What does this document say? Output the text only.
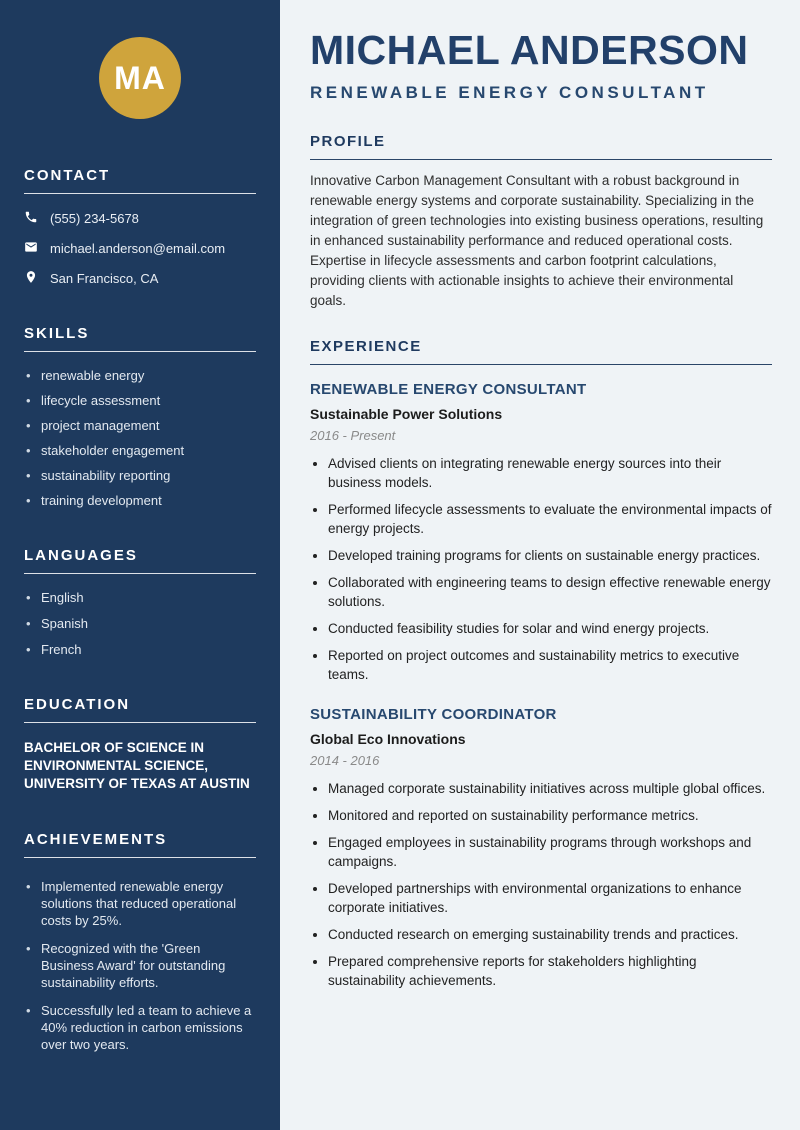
MA
CONTACT
(555) 234-5678
michael.anderson@email.com
San Francisco, CA
SKILLS
• renewable energy
• lifecycle assessment
• project management
• stakeholder engagement
• sustainability reporting
• training development
LANGUAGES
• English
• Spanish
• French
EDUCATION
BACHELOR OF SCIENCE IN ENVIRONMENTAL SCIENCE, UNIVERSITY OF TEXAS AT AUSTIN
ACHIEVEMENTS
• Implemented renewable energy solutions that reduced operational costs by 25%.
• Recognized with the 'Green Business Award' for outstanding sustainability efforts.
• Successfully led a team to achieve a 40% reduction in carbon emissions over two years.
MICHAEL ANDERSON
RENEWABLE ENERGY CONSULTANT
PROFILE

Innovative Carbon Management Consultant with a robust background in renewable energy systems and corporate sustainability. Specializing in the integration of green technologies into existing business operations, resulting in enhanced sustainability performance and reduced operational costs. Expertise in lifecycle assessments and carbon footprint calculations, providing clients with actionable insights to achieve their environmental goals.

EXPERIENCE
RENEWABLE ENERGY CONSULTANT
Sustainable Power Solutions
2016 - Present
• Advised clients on integrating renewable energy sources into their business models.
• Performed lifecycle assessments to evaluate the environmental impacts of energy projects.
• Developed training programs for clients on sustainable energy practices.
• Collaborated with engineering teams to design effective renewable energy solutions.
• Conducted feasibility studies for solar and wind energy projects.
• Reported on project outcomes and sustainability metrics to executive teams.
SUSTAINABILITY COORDINATOR
Global Eco Innovations
2014 - 2016
• Managed corporate sustainability initiatives across multiple global offices.
• Monitored and reported on sustainability performance metrics.
• Engaged employees in sustainability programs through workshops and campaigns.
• Developed partnerships with environmental organizations to enhance corporate initiatives.
• Conducted research on emerging sustainability trends and practices.
• Prepared comprehensive reports for stakeholders highlighting sustainability achievements.
